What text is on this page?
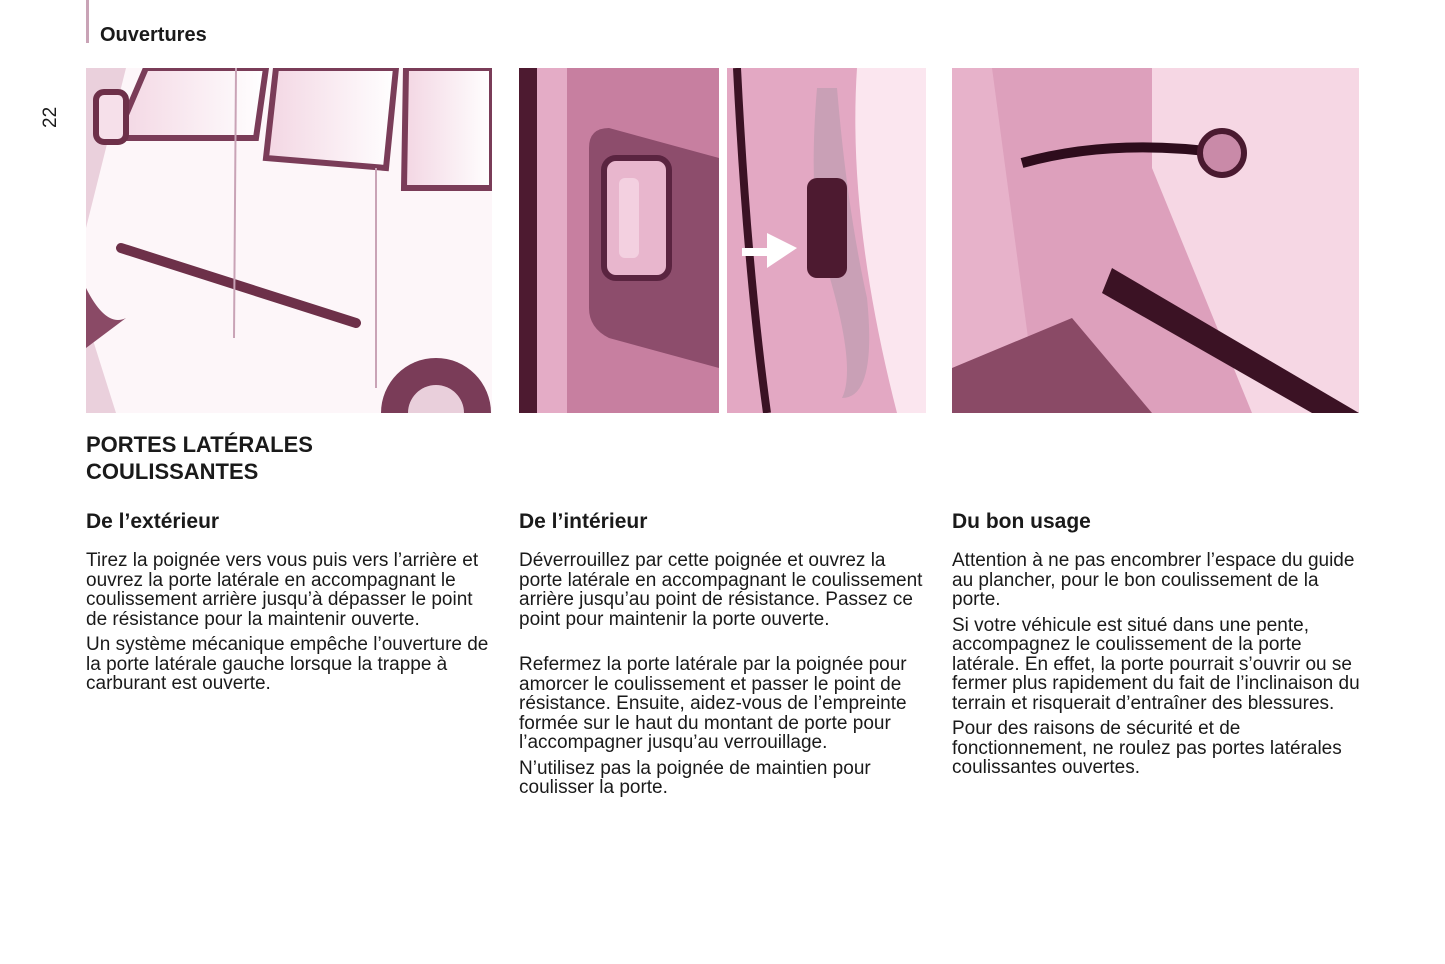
Ouvertures
22
PORTES LATÉRALES
COULISSANTES
De l’extérieur

Tirez la poignée vers vous puis vers l’arrière et ouvrez la porte latérale en accompagnant le coulissement arrière jusqu’à dépasser le point de résistance pour la maintenir ouverte.

Un système mécanique empêche l’ouverture de la porte latérale gauche lorsque la trappe à carburant est ouverte.

De l’intérieur

Déverrouillez par cette poignée et ouvrez la porte latérale en accompagnant le coulissement arrière jusqu’au point de résistance. Passez ce point pour maintenir la porte ouverte.

Refermez la porte latérale par la poignée pour amorcer le coulissement et passer le point de résistance. Ensuite, aidez-vous de l’empreinte formée sur le haut du montant de porte pour l’accompagner jusqu’au verrouillage.

N’utilisez pas la poignée de maintien pour coulisser la porte.

Du bon usage

Attention à ne pas encombrer l’espace du guide au plancher, pour le bon coulissement de la porte.

Si votre véhicule est situé dans une pente, accompagnez le coulissement de la porte latérale. En effet, la porte pourrait s’ouvrir ou se fermer plus rapidement du fait de l’inclinaison du terrain et risquerait d’entraîner des blessures.

Pour des raisons de sécurité et de fonctionnement, ne roulez pas portes latérales coulissantes ouvertes.
